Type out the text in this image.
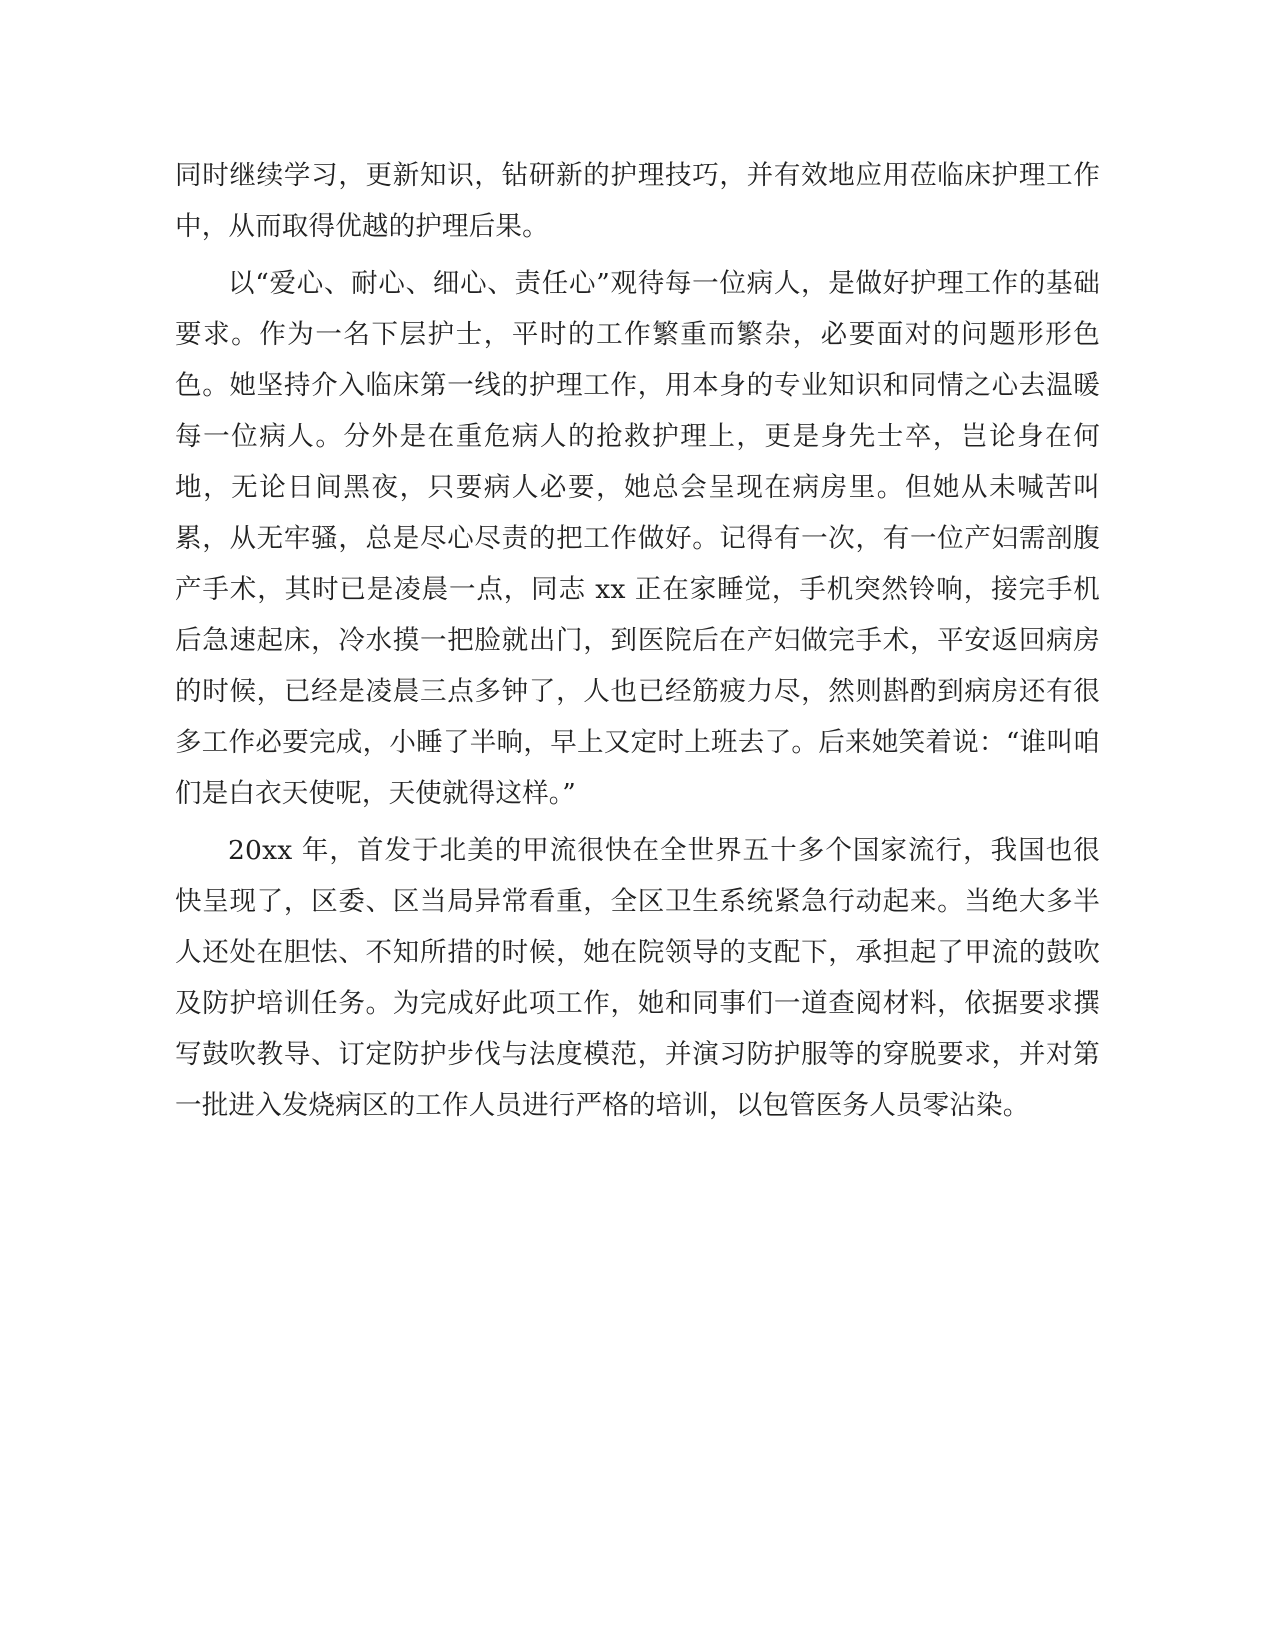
同时继续学习，更新知识，钻研新的护理技巧，并有效地应用莅临床护理工作中，从而取得优越的护理后果。

以“爱心、耐心、细心、责任心”观待每一位病人，是做好护理工作的基础要求。作为一名下层护士，平时的工作繁重而繁杂，必要面对的问题形形色色。她坚持介入临床第一线的护理工作，用本身的专业知识和同情之心去温暖每一位病人。分外是在重危病人的抢救护理上，更是身先士卒，岂论身在何地，无论日间黑夜，只要病人必要，她总会呈现在病房里。但她从未喊苦叫累，从无牢骚，总是尽心尽责的把工作做好。记得有一次，有一位产妇需剖腹产手术，其时已是凌晨一点，同志 xx 正在家睡觉，手机突然铃响，接完手机后急速起床，冷水摸一把脸就出门，到医院后在产妇做完手术，平安返回病房的时候，已经是凌晨三点多钟了，人也已经筋疲力尽，然则斟酌到病房还有很多工作必要完成，小睡了半晌，早上又定时上班去了。后来她笑着说：“谁叫咱们是白衣天使呢，天使就得这样。”

20xx 年，首发于北美的甲流很快在全世界五十多个国家流行，我国也很快呈现了，区委、区当局异常看重，全区卫生系统紧急行动起来。当绝大多半人还处在胆怯、不知所措的时候，她在院领导的支配下，承担起了甲流的鼓吹及防护培训任务。为完成好此项工作，她和同事们一道查阅材料，依据要求撰写鼓吹教导、订定防护步伐与法度模范，并演习防护服等的穿脱要求，并对第一批进入发烧病区的工作人员进行严格的培训，以包管医务人员零沾染。
